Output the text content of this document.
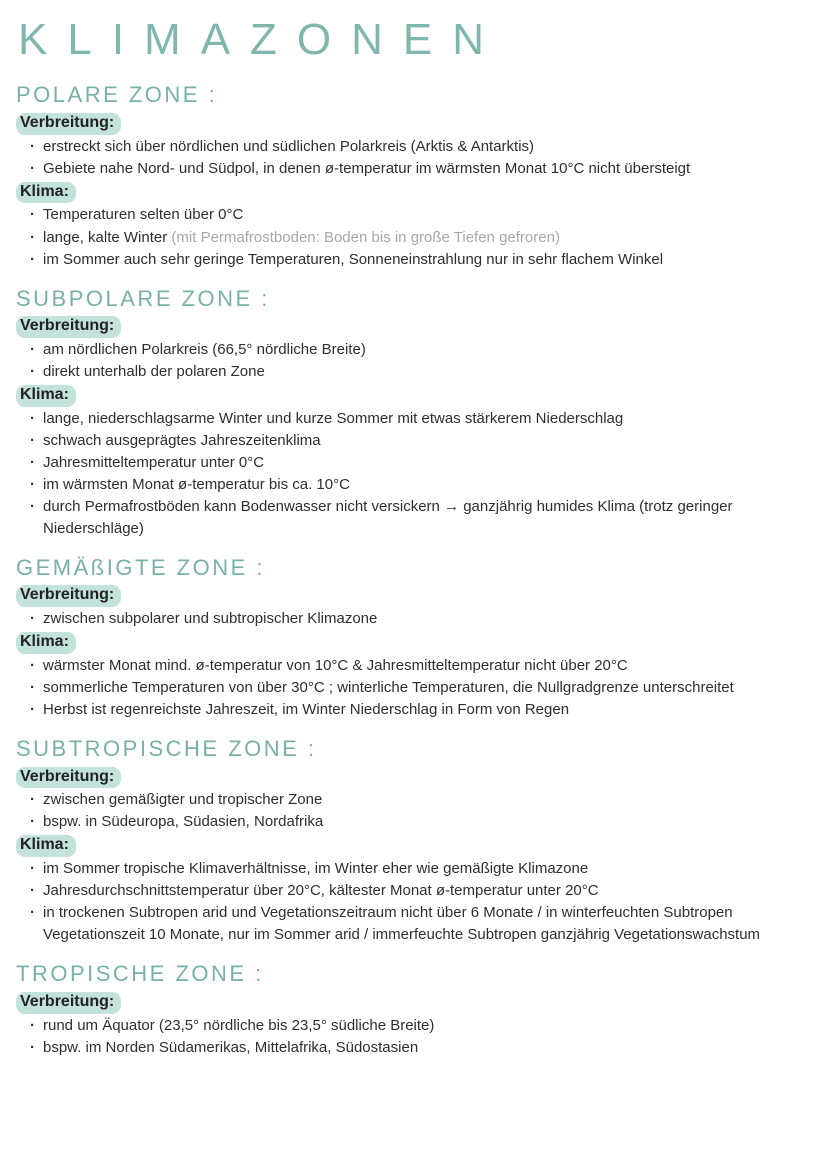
KLIMAZONEN
POLARE ZONE :
Verbreitung:
· erstreckt sich über nördlichen und südlichen Polarkreis (Arktis & Antarktis)
· Gebiete nahe Nord- und Südpol, in denen ø-temperatur im wärmsten Monat 10°C nicht übersteigt
Klima:
· Temperaturen selten über 0°C
· lange, kalte Winter (mit Permafrostboden: Boden bis in große Tiefen gefroren)
· im Sommer auch sehr geringe Temperaturen, Sonneneinstrahlung nur in sehr flachem Winkel
SUBPOLARE ZONE :
Verbreitung:
· am nördlichen Polarkreis (66,5° nördliche Breite)
· direkt unterhalb der polaren Zone
Klima:
· lange, niederschlagsarme Winter und kurze Sommer mit etwas stärkerem Niederschlag
· schwach ausgeprägtes Jahreszeitenklima
· Jahresmitteltemperatur unter 0°C
· im wärmsten Monat ø-temperatur bis ca. 10°C
· durch Permafrostböden kann Bodenwasser nicht versickern → ganzjährig humides Klima (trotz geringer Niederschläge)
GEMÄßIGTE ZONE :
Verbreitung:
· zwischen subpolarer und subtropischer Klimazone
Klima:
· wärmster Monat mind. ø-temperatur von 10°C & Jahresmitteltemperatur nicht über 20°C
· sommerliche Temperaturen von über 30°C ; winterliche Temperaturen, die Nullgradgrenze unterschreitet
· Herbst ist regenreichste Jahreszeit, im Winter Niederschlag in Form von Regen
SUBTROPISCHE ZONE :
Verbreitung:
· zwischen gemäßigter und tropischer Zone
· bspw. in Südeuropa, Südasien, Nordafrika
Klima:
· im Sommer tropische Klimaverhältnisse, im Winter eher wie gemäßigte Klimazone
· Jahresdurchschnittstemperatur über 20°C, kältester Monat ø-temperatur unter 20°C
· in trockenen Subtropen arid und Vegetationszeitraum nicht über 6 Monate / in winterfeuchten Subtropen Vegetationszeit 10 Monate, nur im Sommer arid / immerfeuchte Subtropen ganzjährig Vegetationswachstum
TROPISCHE ZONE :
Verbreitung:
· rund um Äquator (23,5° nördliche bis 23,5° südliche Breite)
· bspw. im Norden Südamerikas, Mittelafrika, Südostasien
